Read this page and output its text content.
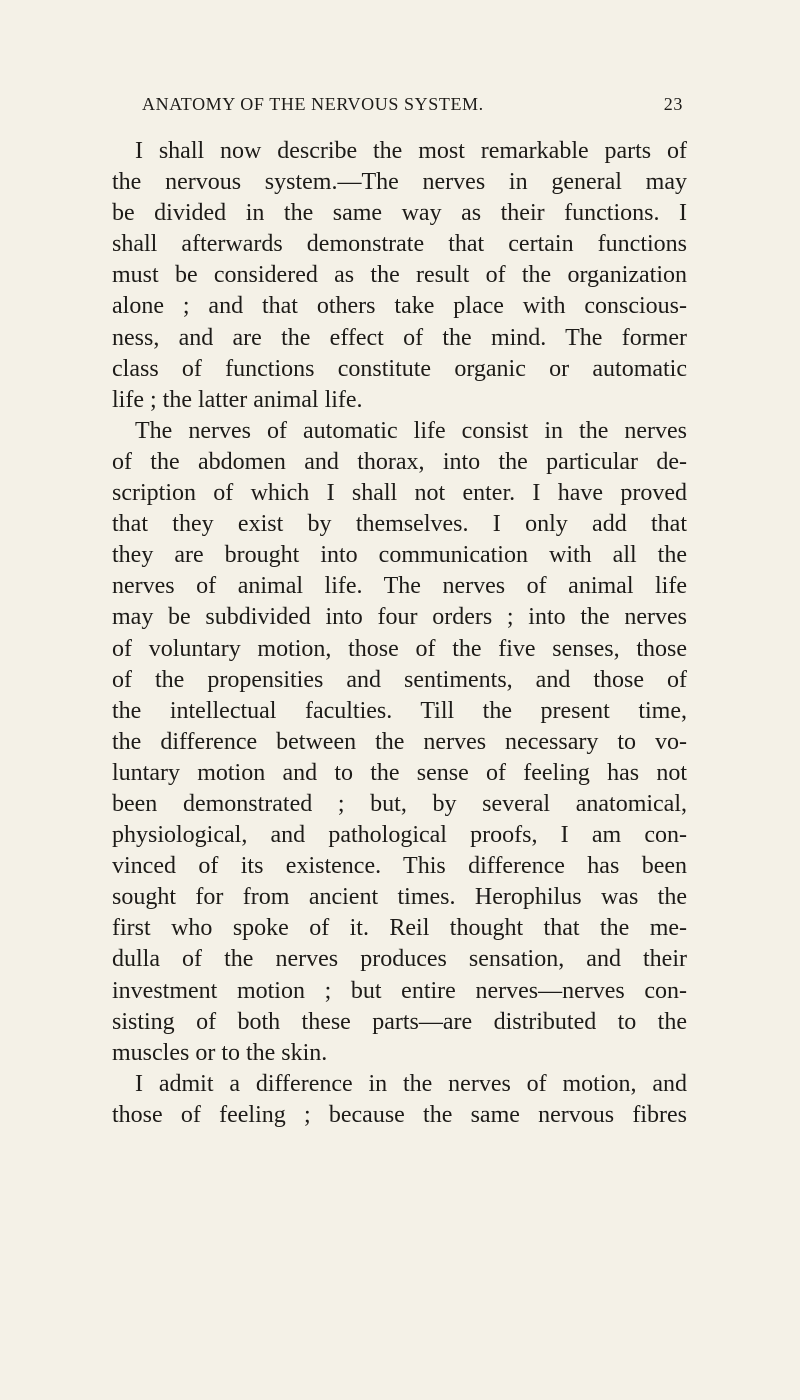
ANATOMY OF THE NERVOUS SYSTEM.	23
I shall now describe the most remarkable parts of
the nervous system.—The nerves in general may
be divided in the same way as their functions. I
shall afterwards demonstrate that certain functions
must be considered as the result of the organization
alone ; and that others take place with conscious-
ness, and are the effect of the mind. The former
class of functions constitute organic or automatic
life ; the latter animal life.
The nerves of automatic life consist in the nerves
of the abdomen and thorax, into the particular de-
scription of which I shall not enter. I have proved
that they exist by themselves. I only add that
they are brought into communication with all the
nerves of animal life. The nerves of animal life
may be subdivided into four orders ; into the nerves
of voluntary motion, those of the five senses, those
of the propensities and sentiments, and those of
the intellectual faculties. Till the present time,
the difference between the nerves necessary to vo-
luntary motion and to the sense of feeling has not
been demonstrated ; but, by several anatomical,
physiological, and pathological proofs, I am con-
vinced of its existence. This difference has been
sought for from ancient times. Herophilus was the
first who spoke of it. Reil thought that the me-
dulla of the nerves produces sensation, and their
investment motion ; but entire nerves—nerves con-
sisting of both these parts—are distributed to the
muscles or to the skin.
I admit a difference in the nerves of motion, and
those of feeling ; because the same nervous fibres
